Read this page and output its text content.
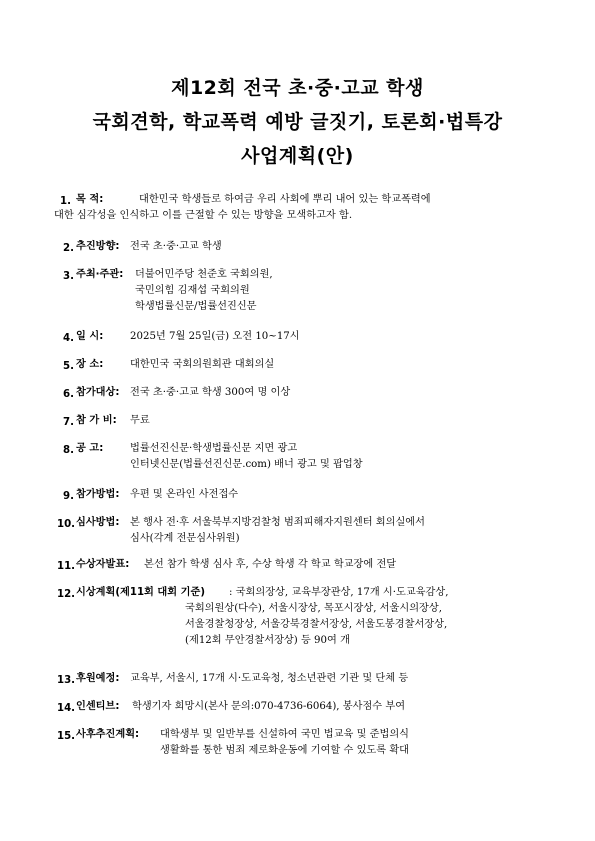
제12회 전국 초·중·고교 학생
국회견학, 학교폭력 예방 글짓기, 토론회·법특강
사업계획(안)
1. 목 적:	대한민국 학생들로 하여금 우리 사회에 뿌리 내어 있는 학교폭력에
대한 심각성을 인식하고 이를 근절할 수 있는 방향을 모색하고자 함.
2. 추진방향: 전국 초·중·고교 학생
3. 주최·주관: 더불어민주당 천준호 국회의원,
국민의힘 김재섭 국회의원
학생법률신문/법률선진신문
4. 일 시:	2025년 7월 25일(금) 오전 10~17시
5. 장 소:	대한민국 국회의원회관 대회의실
6. 참가대상: 전국 초·중·고교 학생 300여 명 이상
7. 참 가 비: 무료
8. 공 고:	법률선진신문·학생법률신문 지면 광고
인터넷신문(법률선진신문.com) 배너 광고 및 팝업창
9. 참가방법: 우편 및 온라인 사전접수
10. 심사방법: 본 행사 전·후 서울북부지방검찰청 범죄피해자지원센터 회의실에서
심사(각계 전문심사위원)
11. 수상자발표: 본선 참가 학생 심사 후, 수상 학생 각 학교 학교장에 전달
12. 시상계획(제11회 대회 기준) : 국회의장상, 교육부장관상, 17개 시·도교육감상,
국회의원상(다수), 서울시장상, 목포시장상, 서울시의장상,
서울경찰청장상, 서울강북경찰서장상, 서울도봉경찰서장상,
(제12회 무안경찰서장상) 등 90여 개
13. 후원예정: 교육부, 서울시, 17개 시·도교육청, 청소년관련 기관 및 단체 등
14. 인센티브: 학생기자 희망시(본사 문의:070-4736-6064), 봉사점수 부여
15. 사후추진계획: 대학생부 및 일반부를 신설하여 국민 법교육 및 준법의식
생활화를 통한 범죄 제로화운동에 기여할 수 있도록 확대
